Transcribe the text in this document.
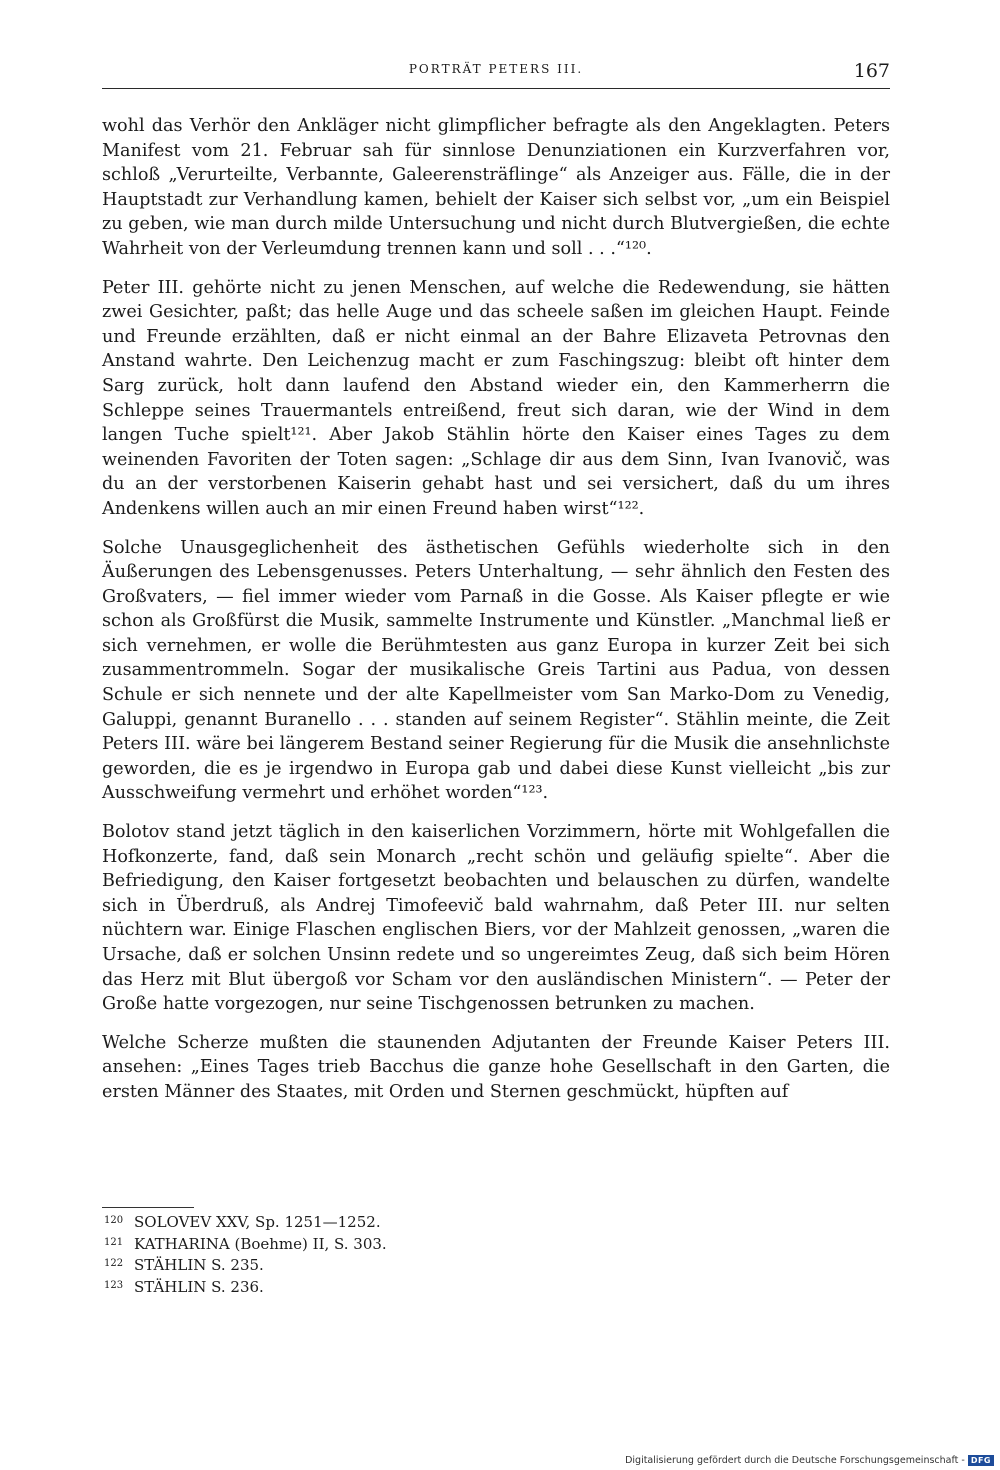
PORTRÄT PETERS III.	167

wohl das Verhör den Ankläger nicht glimpflicher befragte als den Angeklagten. Peters Manifest vom 21. Februar sah für sinnlose Denunziationen ein Kurzverfahren vor, schloß „Verurteilte, Verbannte, Galeerensträflinge“ als Anzeiger aus. Fälle, die in der Hauptstadt zur Verhandlung kamen, behielt der Kaiser sich selbst vor, „um ein Beispiel zu geben, wie man durch milde Untersuchung und nicht durch Blutvergießen, die echte Wahrheit von der Verleumdung trennen kann und soll . . .“¹²⁰.

Peter III. gehörte nicht zu jenen Menschen, auf welche die Redewendung, sie hätten zwei Gesichter, paßt; das helle Auge und das scheele saßen im gleichen Haupt. Feinde und Freunde erzählten, daß er nicht einmal an der Bahre Elizaveta Petrovnas den Anstand wahrte. Den Leichenzug macht er zum Faschingszug: bleibt oft hinter dem Sarg zurück, holt dann laufend den Abstand wieder ein, den Kammerherrn die Schleppe seines Trauermantels entreißend, freut sich daran, wie der Wind in dem langen Tuche spielt¹²¹. Aber Jakob Stählin hörte den Kaiser eines Tages zu dem weinenden Favoriten der Toten sagen: „Schlage dir aus dem Sinn, Ivan Ivanovič, was du an der verstorbenen Kaiserin gehabt hast und sei versichert, daß du um ihres Andenkens willen auch an mir einen Freund haben wirst“¹²².

Solche Unausgeglichenheit des ästhetischen Gefühls wiederholte sich in den Äußerungen des Lebensgenusses. Peters Unterhaltung, — sehr ähnlich den Festen des Großvaters, — fiel immer wieder vom Parnaß in die Gosse. Als Kaiser pflegte er wie schon als Großfürst die Musik, sammelte Instrumente und Künstler. „Manchmal ließ er sich vernehmen, er wolle die Berühmtesten aus ganz Europa in kurzer Zeit bei sich zusammentrommeln. Sogar der musikalische Greis Tartini aus Padua, von dessen Schule er sich nennete und der alte Kapellmeister vom San Marko-Dom zu Venedig, Galuppi, genannt Buranello . . . standen auf seinem Register“. Stählin meinte, die Zeit Peters III. wäre bei längerem Bestand seiner Regierung für die Musik die ansehnlichste geworden, die es je irgendwo in Europa gab und dabei diese Kunst vielleicht „bis zur Ausschweifung vermehrt und erhöhet worden“¹²³.

Bolotov stand jetzt täglich in den kaiserlichen Vorzimmern, hörte mit Wohlgefallen die Hofkonzerte, fand, daß sein Monarch „recht schön und geläufig spielte“. Aber die Befriedigung, den Kaiser fortgesetzt beobachten und belauschen zu dürfen, wandelte sich in Überdruß, als Andrej Timofeevič bald wahrnahm, daß Peter III. nur selten nüchtern war. Einige Flaschen englischen Biers, vor der Mahlzeit genossen, „waren die Ursache, daß er solchen Unsinn redete und so ungereimtes Zeug, daß sich beim Hören das Herz mit Blut übergoß vor Scham vor den ausländischen Ministern“. — Peter der Große hatte vorgezogen, nur seine Tischgenossen betrunken zu machen.

Welche Scherze mußten die staunenden Adjutanten der Freunde Kaiser Peters III. ansehen: „Eines Tages trieb Bacchus die ganze hohe Gesellschaft in den Garten, die ersten Männer des Staates, mit Orden und Sternen geschmückt, hüpften auf

120 SOLOVEV XXV, Sp. 1251—1252.
121 KATHARINA (Boehme) II, S. 303.
122 STÄHLIN S. 235.
123 STÄHLIN S. 236.
Digitalisierung gefördert durch die Deutsche Forschungsgemeinschaft - DFG
